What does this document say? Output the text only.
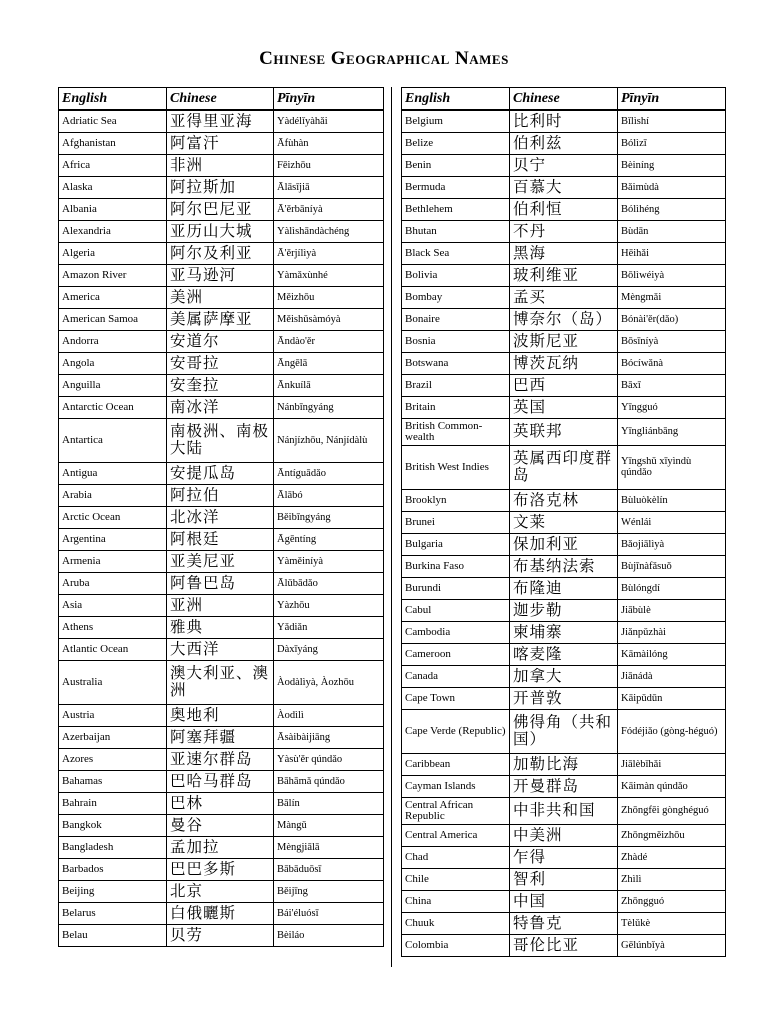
Chinese Geographical Names
English	Chinese	Pīnyīn
Adriatic Sea	亚得里亚海	Yàdélǐyàhǎi
Afghanistan	阿富汗	Āfùhàn
Africa	非洲	Fēizhōu
Alaska	阿拉斯加	Ālāsījiā
Albania	阿尔巴尼亚	Ā'ěrbāníyà
Alexandria	亚历山大城	Yàlìshāndàchéng
Algeria	阿尔及利亚	Ā'ěrjílìyà
Amazon River	亚马逊河	Yàmǎxùnhé
America	美洲	Měizhōu
American Samoa	美属萨摩亚	Měishǔsàmóyà
Andorra	安道尔	Āndào'ěr
Angola	安哥拉	Āngēlā
Anguilla	安奎拉	Ānkuílā
Antarctic Ocean	南冰洋	Nánbīngyáng
Antartica	南极洲、南极大陆	Nánjízhōu, Nánjídàlù
Antigua	安提瓜岛	Āntíguādǎo
Arabia	阿拉伯	Ālābó
Arctic Ocean	北冰洋	Běibīngyáng
Argentina	阿根廷	Āgēntíng
Armenia	亚美尼亚	Yàměiníyà
Aruba	阿鲁巴岛	Ālǔbādǎo
Asia	亚洲	Yàzhōu
Athens	雅典	Yǎdiǎn
Atlantic Ocean	大西洋	Dàxīyáng
Australia	澳大利亚、澳洲	Àodàlìyà, Àozhōu
Austria	奥地利	Àodìlì
Azerbaijan	阿塞拜疆	Āsàibàijiāng
Azores	亚速尔群岛	Yàsù'ěr qúndǎo
Bahamas	巴哈马群岛	Bāhāmǎ qúndǎo
Bahrain	巴林	Bālín
Bangkok	曼谷	Màngǔ
Bangladesh	孟加拉	Mèngjiālā
Barbados	巴巴多斯	Bābāduōsī
Beijing	北京	Běijīng
Belarus	白俄曬斯	Bái'éluósī
Belau	贝劳	Bèiláo
English	Chinese	Pīnyīn
Belgium	比利时	Bǐlìshí
Belize	伯利兹	Bólìzī
Benin	贝宁	Bèiníng
Bermuda	百慕大	Bǎimùdà
Bethlehem	伯利恒	Bólìhéng
Bhutan	不丹	Bùdān
Black Sea	黑海	Hēihǎi
Bolivia	玻利维亚	Bōlìwéiyà
Bombay	孟买	Mèngmǎi
Bonaire	博奈尔（岛）	Bónài'ěr(dǎo)
Bosnia	波斯尼亚	Bōsīníyà
Botswana	博茨瓦纳	Bócíwǎnà
Brazil	巴西	Bāxī
Britain	英国	Yīngguó
British Common-wealth	英联邦	Yīngliánbāng
British West Indies	英属西印度群岛	Yīngshǔ xīyìndù qúndǎo
Brooklyn	布洛克林	Bùluòkèlín
Brunei	文莱	Wénlái
Bulgaria	保加利亚	Bǎojiālìyà
Burkina Faso	布基纳法索	Bùjīnàfǎsuǒ
Burundi	布隆迪	Bùlóngdí
Cabul	迦步勒	Jiābùlè
Cambodia	柬埔寨	Jiǎnpǔzhài
Cameroon	喀麦隆	Kāmàilóng
Canada	加拿大	Jiānádà
Cape Town	开普敦	Kāipǔdūn
Cape Verde (Republic)	佛得角（共和国）	Fódéjiǎo (gòng-héguó)
Caribbean	加勒比海	Jiālèbǐhǎi
Cayman Islands	开曼群岛	Kāimàn qúndǎo
Central African Republic	中非共和国	Zhōngfēi gònghéguó
Central America	中美洲	Zhōngměizhōu
Chad	乍得	Zhàdé
Chile	智利	Zhìlì
China	中国	Zhōngguó
Chuuk	特鲁克	Tèlǔkè
Colombia	哥伦比亚	Gēlúnbǐyà
